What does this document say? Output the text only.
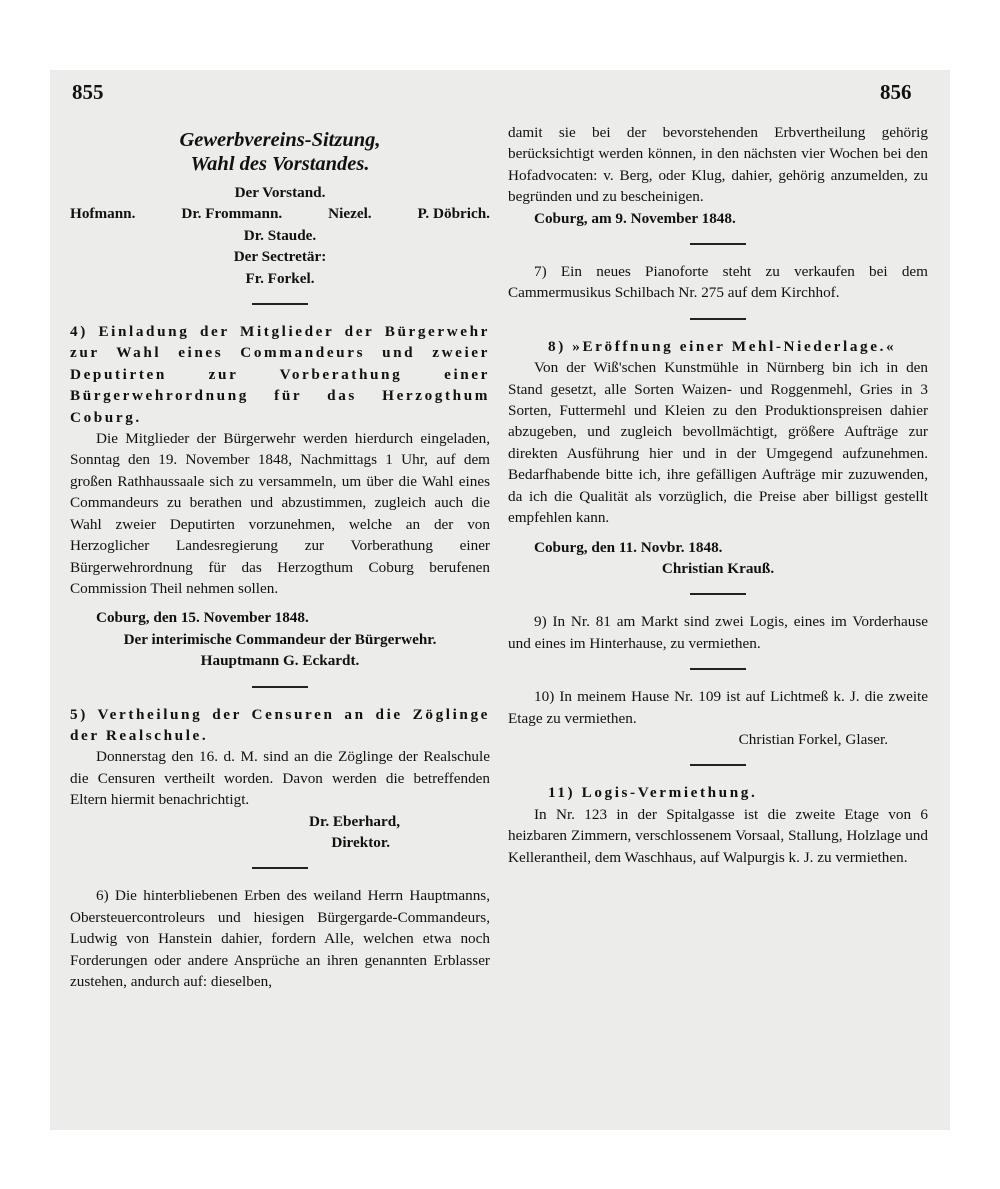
855	856
Gewerbvereins-Sitzung,
Wahl des Vorstandes.

Der Vorstand.

Hofmann.	Dr. Frommann.	Niezel.	P. Döbrich.

Dr. Staude.

Der Sectretär:

Fr. Forkel.

4) Einladung der Mitglieder der Bürgerwehr zur Wahl eines Commandeurs und zweier Deputirten zur Vorberathung einer Bürgerwehrordnung für das Herzogthum Coburg.

Die Mitglieder der Bürgerwehr werden hierdurch eingeladen, Sonntag den 19. November 1848, Nachmittags 1 Uhr, auf dem großen Rathhaussaale sich zu versammeln, um über die Wahl eines Commandeurs zu berathen und abzustimmen, zugleich auch die Wahl zweier Deputirten vorzunehmen, welche an der von Herzoglicher Landesregierung zur Vorberathung einer Bürgerwehrordnung für das Herzogthum Coburg berufenen Commission Theil nehmen sollen.

Coburg, den 15. November 1848.

Der interimische Commandeur der Bürgerwehr.

Hauptmann G. Eckardt.

5) Vertheilung der Censuren an die Zöglinge der Realschule.

Donnerstag den 16. d. M. sind an die Zöglinge der Realschule die Censuren vertheilt worden. Davon werden die betreffenden Eltern hiermit benachrichtigt.

Dr. Eberhard,

Direktor.

6) Die hinterbliebenen Erben des weiland Herrn Hauptmanns, Obersteuercontroleurs und hiesigen Bürgergarde-Commandeurs, Ludwig von Hanstein dahier, fordern Alle, welchen etwa noch Forderungen oder andere Ansprüche an ihren genannten Erblasser zustehen, andurch auf: dieselben,

damit sie bei der bevorstehenden Erbvertheilung gehörig berücksichtigt werden können, in den nächsten vier Wochen bei den Hofadvocaten: v. Berg, oder Klug, dahier, gehörig anzumelden, zu begründen und zu bescheinigen.

Coburg, am 9. November 1848.

7) Ein neues Pianoforte steht zu verkaufen bei dem Cammermusikus Schilbach Nr. 275 auf dem Kirchhof.

8) »Eröffnung einer Mehl-Niederlage.«

Von der Wiß'schen Kunstmühle in Nürnberg bin ich in den Stand gesetzt, alle Sorten Waizen- und Roggenmehl, Gries in 3 Sorten, Futtermehl und Kleien zu den Produktionspreisen dahier abzugeben, und zugleich bevollmächtigt, größere Aufträge zur direkten Ausführung hier und in der Umgegend aufzunehmen. Bedarfhabende bitte ich, ihre gefälligen Aufträge mir zuzuwenden, da ich die Qualität als vorzüglich, die Preise aber billigst gestellt empfehlen kann.

Coburg, den 11. Novbr. 1848.

Christian Krauß.

9) In Nr. 81 am Markt sind zwei Logis, eines im Vorderhause und eines im Hinterhause, zu vermiethen.

10) In meinem Hause Nr. 109 ist auf Lichtmeß k. J. die zweite Etage zu vermiethen.

Christian Forkel, Glaser.

11) Logis-Vermiethung.

In Nr. 123 in der Spitalgasse ist die zweite Etage von 6 heizbaren Zimmern, verschlossenem Vorsaal, Stallung, Holzlage und Kellerantheil, dem Waschhaus, auf Walpurgis k. J. zu vermiethen.
